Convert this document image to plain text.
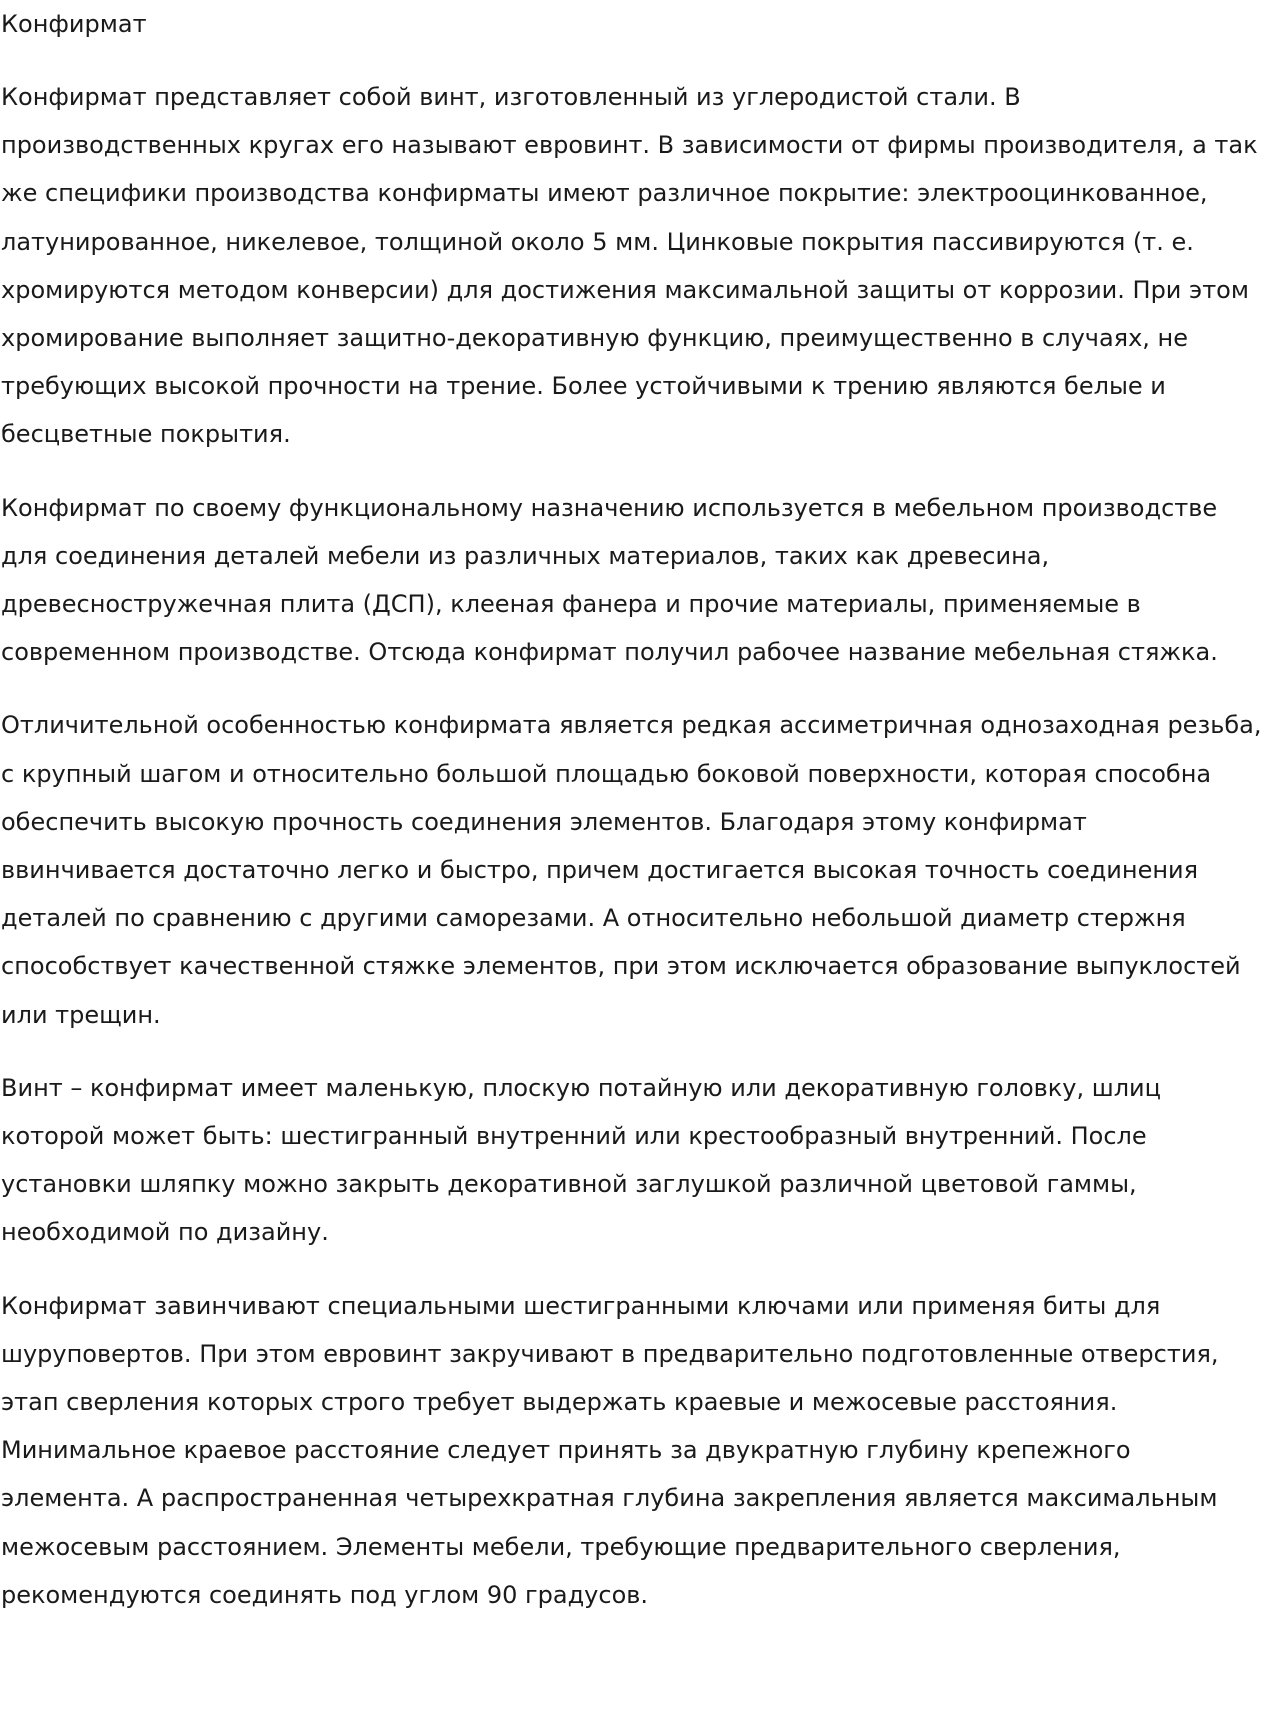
Конфирмат

Конфирмат представляет собой винт, изготовленный из углеродистой стали. В производственных кругах его называют евровинт. В зависимости от фирмы производителя, а так же специфики производства конфирматы имеют различное покрытие: электрооцинкованное, латунированное, никелевое, толщиной около 5 мм. Цинковые покрытия пассивируются (т. е. хромируются методом конверсии) для достижения максимальной защиты от коррозии. При этом хромирование выполняет защитно-декоративную функцию, преимущественно в случаях, не требующих высокой прочности на трение. Более устойчивыми к трению являются белые и бесцветные покрытия.

Конфирмат по своему функциональному назначению используется в мебельном производстве для соединения деталей мебели из различных материалов, таких как древесина, древесностружечная плита (ДСП), клееная фанера и прочие материалы, применяемые в современном производстве. Отсюда конфирмат получил рабочее название мебельная стяжка.

Отличительной особенностью конфирмата является редкая ассиметричная однозаходная резьба, с крупный шагом и относительно большой площадью боковой поверхности, которая способна обеспечить высокую прочность соединения элементов. Благодаря этому конфирмат ввинчивается достаточно легко и быстро, причем достигается высокая точность соединения деталей по сравнению с другими саморезами. А относительно небольшой диаметр стержня способствует качественной стяжке элементов, при этом исключается образование выпуклостей или трещин.

Винт – конфирмат имеет маленькую, плоскую потайную или декоративную головку, шлиц которой может быть: шестигранный внутренний или крестообразный внутренний. После установки шляпку можно закрыть декоративной заглушкой различной цветовой гаммы, необходимой по дизайну.

Конфирмат завинчивают специальными шестигранными ключами или применяя биты для шуруповертов. При этом евровинт закручивают в предварительно подготовленные отверстия, этап сверления которых строго требует выдержать краевые и межосевые расстояния. Минимальное краевое расстояние следует принять за двукратную глубину крепежного элемента. А распространенная четырехкратная глубина закрепления является максимальным межосевым расстоянием. Элементы мебели, требующие предварительного сверления, рекомендуются соединять под углом 90 градусов.
